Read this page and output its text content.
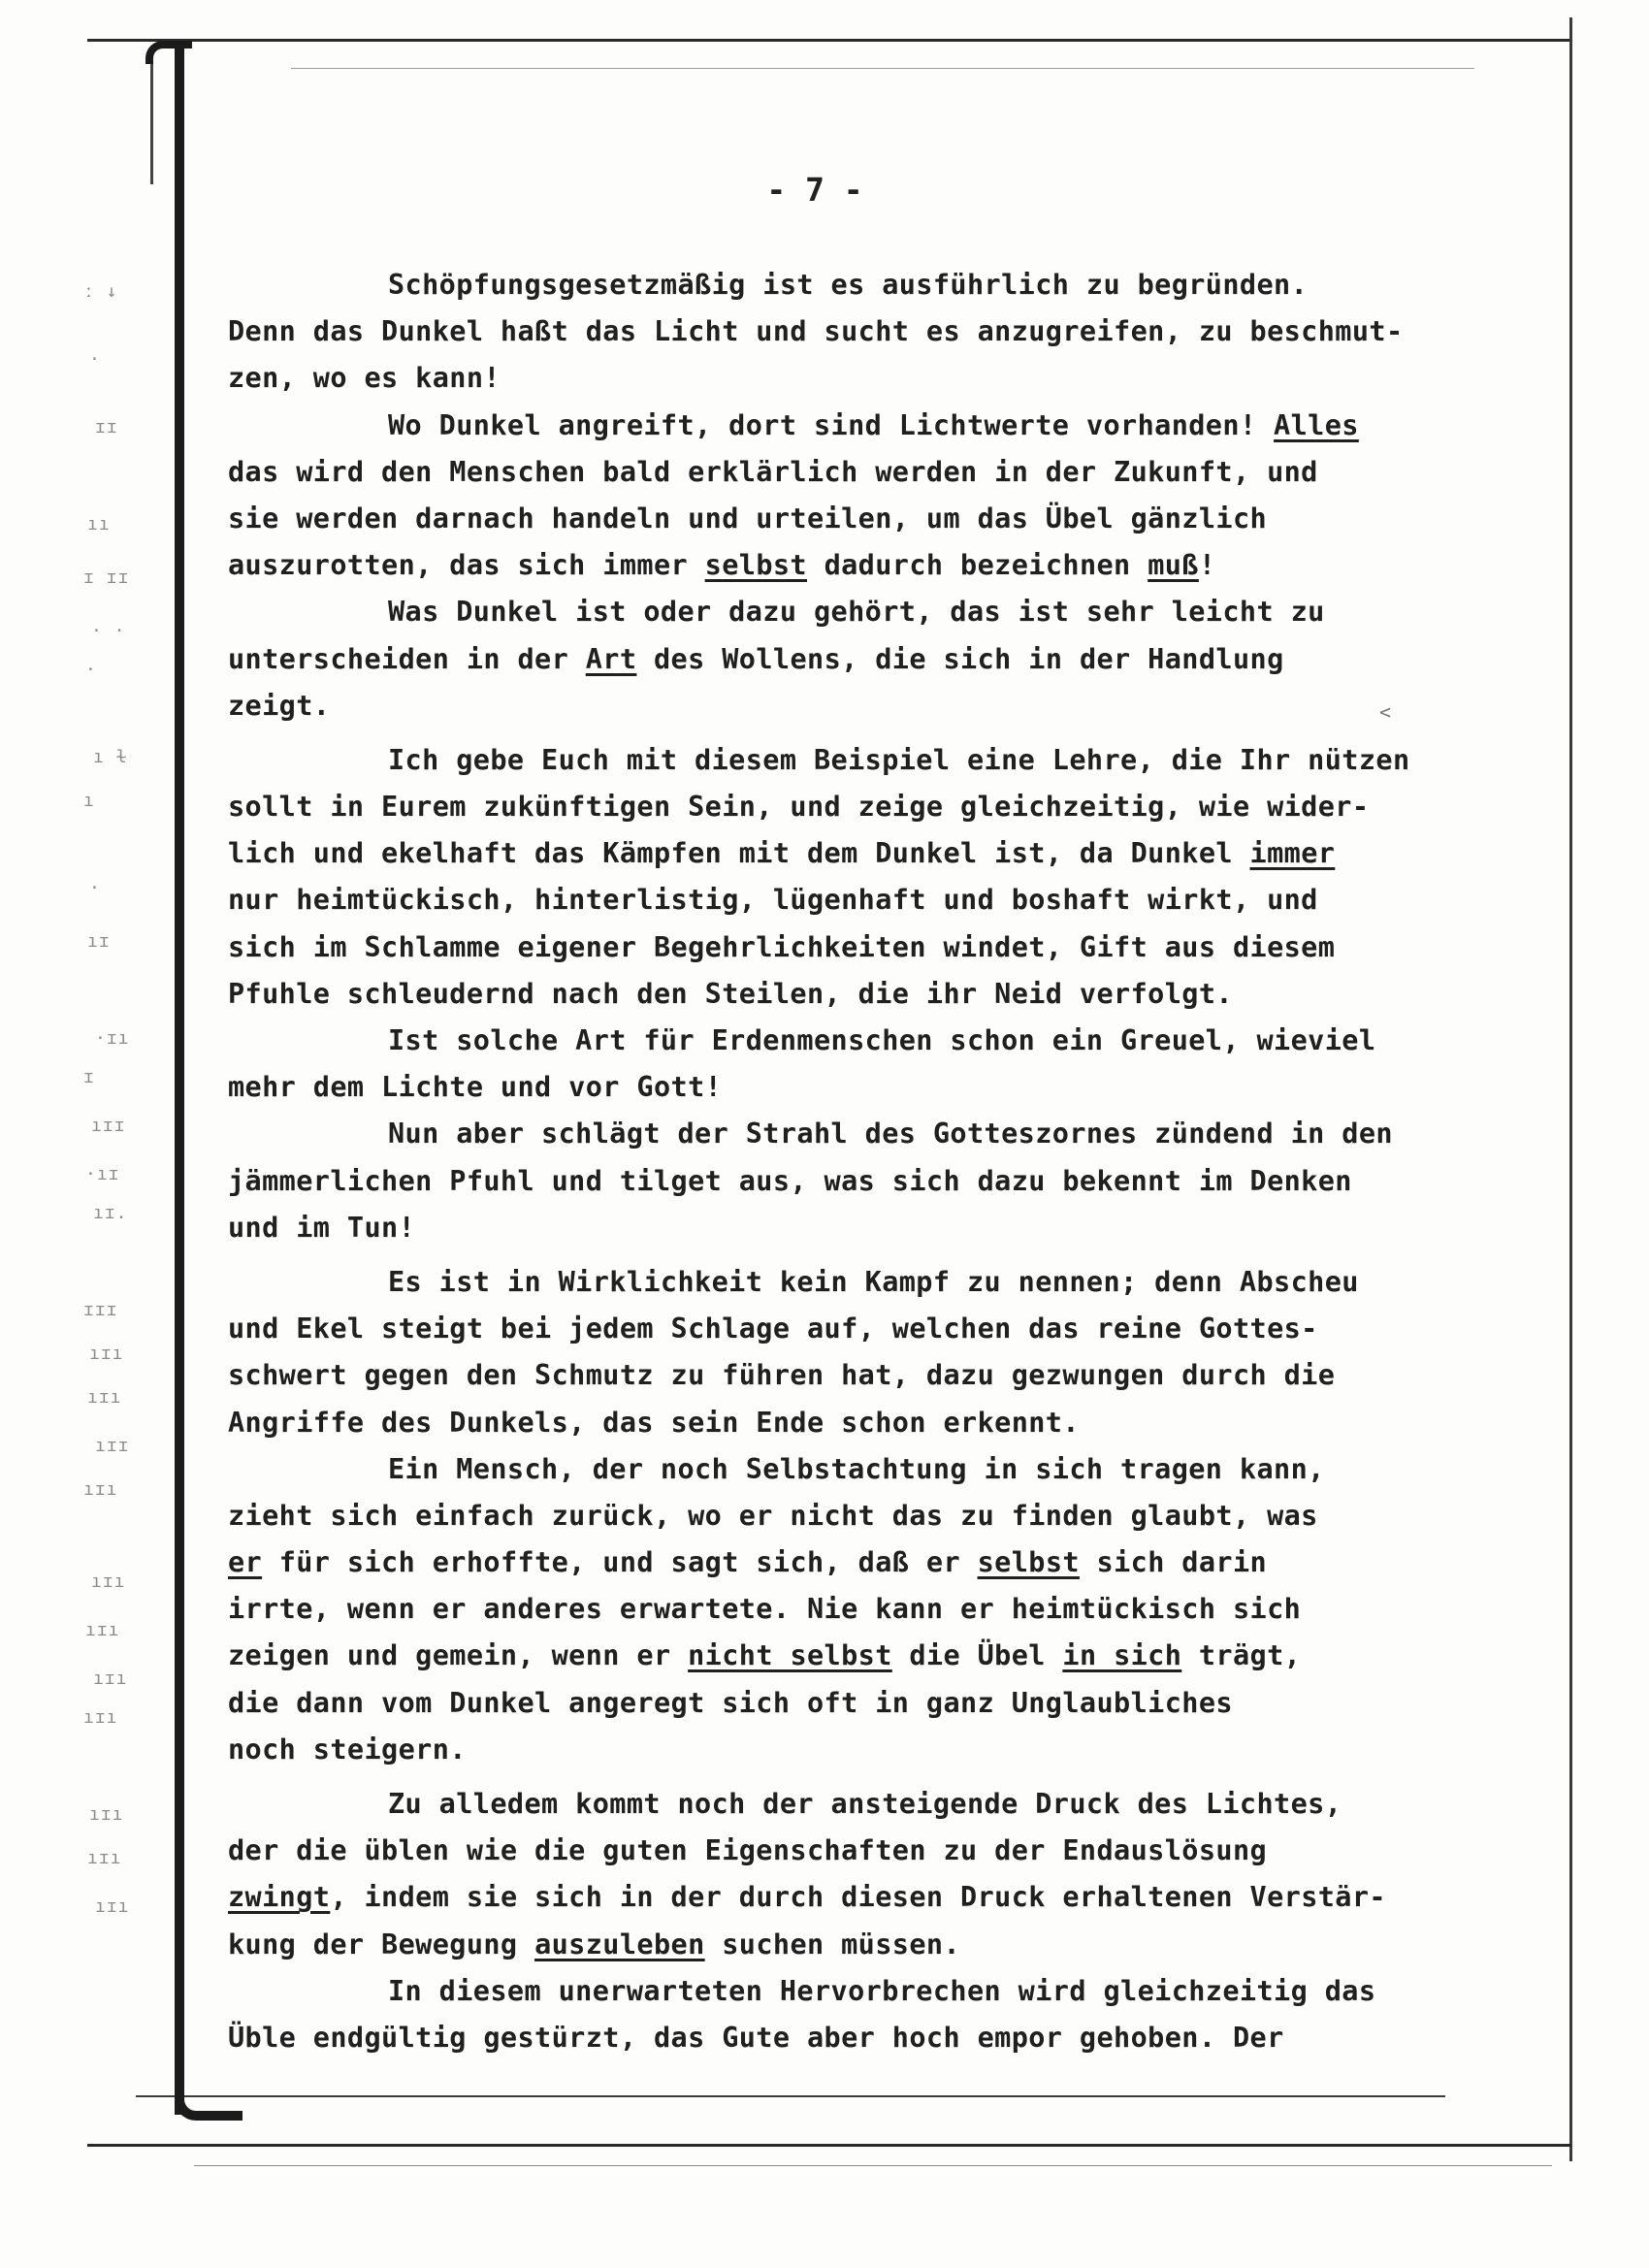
ː ↓
·
ɪɪ
ıı
ɪ ɪɪ
· ·
·
ı ɫ
ı
·
ıɪ
·ɪı
ɪ
ıɪɪ
·ıɪ
ıɪ.
ɪɪɪ
ıɪı
ıɪı
ıɪɪ
ıɪı
ıɪı
ıɪı
ıɪı
ıɪı
ıɪı
ıɪı
ıɪı
- 7 -
Schöpfungsgesetzmäßig ist es ausführlich zu begründen.
Denn das Dunkel haßt das Licht und sucht es anzugreifen, zu beschmut-
zen, wo es kann!
Wo Dunkel angreift, dort sind Lichtwerte vorhanden! Alles
das wird den Menschen bald erklärlich werden in der Zukunft, und
sie werden darnach handeln und urteilen, um das Übel gänzlich
auszurotten, das sich immer selbst dadurch bezeichnen muß!
Was Dunkel ist oder dazu gehört, das ist sehr leicht zu
unterscheiden in der Art des Wollens, die sich in der Handlung
zeigt.
Ich gebe Euch mit diesem Beispiel eine Lehre, die Ihr nützen
sollt in Eurem zukünftigen Sein, und zeige gleichzeitig, wie wider-
lich und ekelhaft das Kämpfen mit dem Dunkel ist, da Dunkel immer
nur heimtückisch, hinterlistig, lügenhaft und boshaft wirkt, und
sich im Schlamme eigener Begehrlichkeiten windet, Gift aus diesem
Pfuhle schleudernd nach den Steilen, die ihr Neid verfolgt.
Ist solche Art für Erdenmenschen schon ein Greuel, wieviel
mehr dem Lichte und vor Gott!
Nun aber schlägt der Strahl des Gotteszornes zündend in den
jämmerlichen Pfuhl und tilget aus, was sich dazu bekennt im Denken
und im Tun!
Es ist in Wirklichkeit kein Kampf zu nennen; denn Abscheu
und Ekel steigt bei jedem Schlage auf, welchen das reine Gottes-
schwert gegen den Schmutz zu führen hat, dazu gezwungen durch die
Angriffe des Dunkels, das sein Ende schon erkennt.
Ein Mensch, der noch Selbstachtung in sich tragen kann,
zieht sich einfach zurück, wo er nicht das zu finden glaubt, was
er für sich erhoffte, und sagt sich, daß er selbst sich darin
irrte, wenn er anderes erwartete. Nie kann er heimtückisch sich
zeigen und gemein, wenn er nicht selbst die Übel in sich trägt,
die dann vom Dunkel angeregt sich oft in ganz Unglaubliches
noch steigern.
Zu alledem kommt noch der ansteigende Druck des Lichtes,
der die üblen wie die guten Eigenschaften zu der Endauslösung
zwingt, indem sie sich in der durch diesen Druck erhaltenen Verstär-
kung der Bewegung auszuleben suchen müssen.
In diesem unerwarteten Hervorbrechen wird gleichzeitig das
Üble endgültig gestürzt, das Gute aber hoch empor gehoben. Der
<
